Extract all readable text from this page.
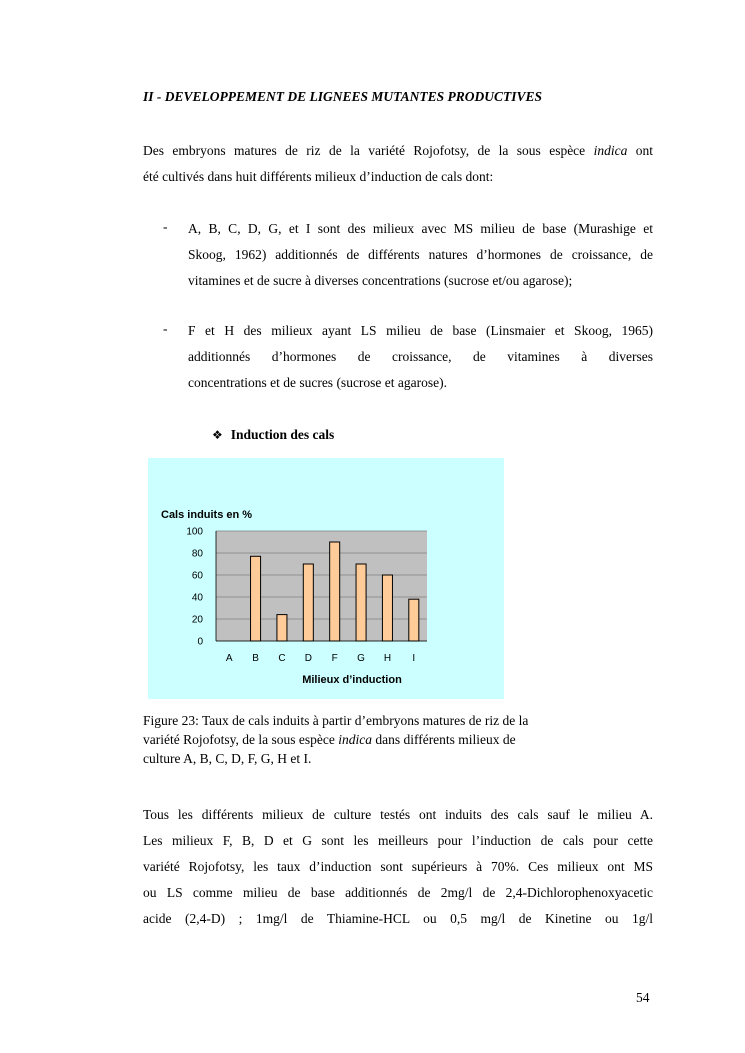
II - DEVELOPPEMENT DE LIGNEES MUTANTES PRODUCTIVES
Des embryons matures de riz de la variété Rojofotsy, de la sous espèce indica ont
été cultivés dans huit différents milieux d’induction de cals dont:
- A, B, C, D, G, et I sont des milieux avec MS milieu de base (Murashige et
Skoog, 1962) additionnés de différents natures d’hormones de croissance, de
vitamines et de sucre à diverses concentrations (sucrose et/ou agarose);
- F et H des milieux ayant LS milieu de base (Linsmaier et Skoog, 1965)
additionnés d’hormones de croissance, de vitamines à diverses
concentrations et de sucres (sucrose et agarose).
❖ Induction des cals
Cals induits en %
0
20
40
60
80
100
A B C D F G H I
Milieux d’induction
Figure 23: Taux de cals induits à partir d’embryons matures de riz de la
variété Rojofotsy, de la sous espèce indica dans différents milieux de
culture A, B, C, D, F, G, H et I.
Tous les différents milieux de culture testés ont induits des cals sauf le milieu A.
Les milieux F, B, D et G sont les meilleurs pour l’induction de cals pour cette
variété Rojofotsy, les taux d’induction sont supérieurs à 70%. Ces milieux ont MS
ou LS comme milieu de base additionnés de 2mg/l de 2,4-Dichlorophenoxyacetic
acide (2,4-D) ; 1mg/l de Thiamine-HCL ou 0,5 mg/l de Kinetine ou 1g/l
54
